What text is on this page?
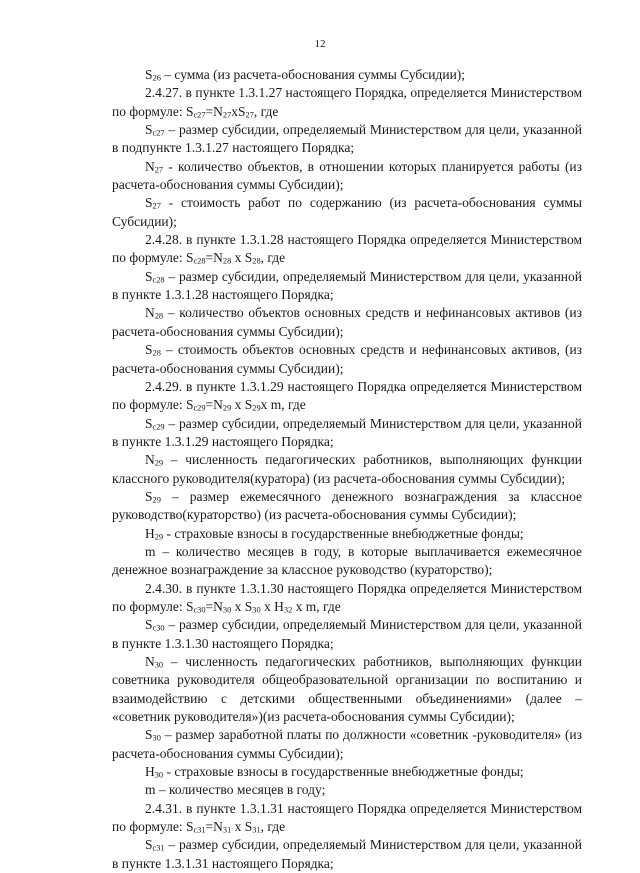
12

$S_{26}$ – сумма (из расчета-обоснования суммы Субсидии);

2.4.27. в пункте 1.3.1.27 настоящего Порядка, определяется Министерством по формуле: $S_{с27}=N_{27}xS_{27}$, где

$S_{с27}$ – размер субсидии, определяемый Министерством для цели, указанной в подпункте 1.3.1.27 настоящего Порядка;

$N_{27}$ - количество объектов, в отношении которых планируется работы (из расчета-обоснования суммы Субсидии);

$S_{27}$ - стоимость работ по содержанию (из расчета-обоснования суммы Субсидии);

2.4.28. в пункте 1.3.1.28 настоящего Порядка определяется Министерством по формуле: $S_{с28}=N_{28}$ x $S_{28}$, где

$S_{с28}$ – размер субсидии, определяемый Министерством для цели, указанной в пункте 1.3.1.28 настоящего Порядка;

$N_{28}$ – количество объектов основных средств и нефинансовых активов (из расчета-обоснования суммы Субсидии);

$S_{28}$ – стоимость объектов основных средств и нефинансовых активов, (из расчета-обоснования суммы Субсидии);

2.4.29. в пункте 1.3.1.29 настоящего Порядка определяется Министерством по формуле: $S_{с29}=N_{29}$ x $S_{29}x$ m, где

$S_{с29}$ – размер субсидии, определяемый Министерством для цели, указанной в пункте 1.3.1.29 настоящего Порядка;

$N_{29}$ – численность педагогических работников, выполняющих функции классного руководителя(куратора) (из расчета-обоснования суммы Субсидии);

$S_{29}$ – размер ежемесячного денежного вознаграждения за классное руководство(кураторство) (из расчета-обоснования суммы Субсидии);

$H_{29}$ - страховые взносы в государственные внебюджетные фонды;

m – количество месяцев в году, в которые выплачивается ежемесячное денежное вознаграждение за классное руководство (кураторство);

2.4.30. в пункте 1.3.1.30 настоящего Порядка определяется Министерством по формуле: $S_{с30}=N_{30}$ x $S_{30}$ x $H_{32}$ x m, где

$S_{с30}$ – размер субсидии, определяемый Министерством для цели, указанной в пункте 1.3.1.30 настоящего Порядка;

$N_{30}$ – численность педагогических работников, выполняющих функции советника руководителя общеобразовательной организации по воспитанию и взаимодействию с детскими общественными объединениями» (далее – «советник руководителя»)(из расчета-обоснования суммы Субсидии);

$S_{30}$ – размер заработной платы по должности «советник -руководителя» (из расчета-обоснования суммы Субсидии);

$H_{30}$ - страховые взносы в государственные внебюджетные фонды;

m – количество месяцев в году;

2.4.31. в пункте 1.3.1.31 настоящего Порядка определяется Министерством по формуле: $S_{с31}=N_{31}$ x $S_{31}$, где

$S_{с31}$ – размер субсидии, определяемый Министерством для цели, указанной в пункте 1.3.1.31 настоящего Порядка;
